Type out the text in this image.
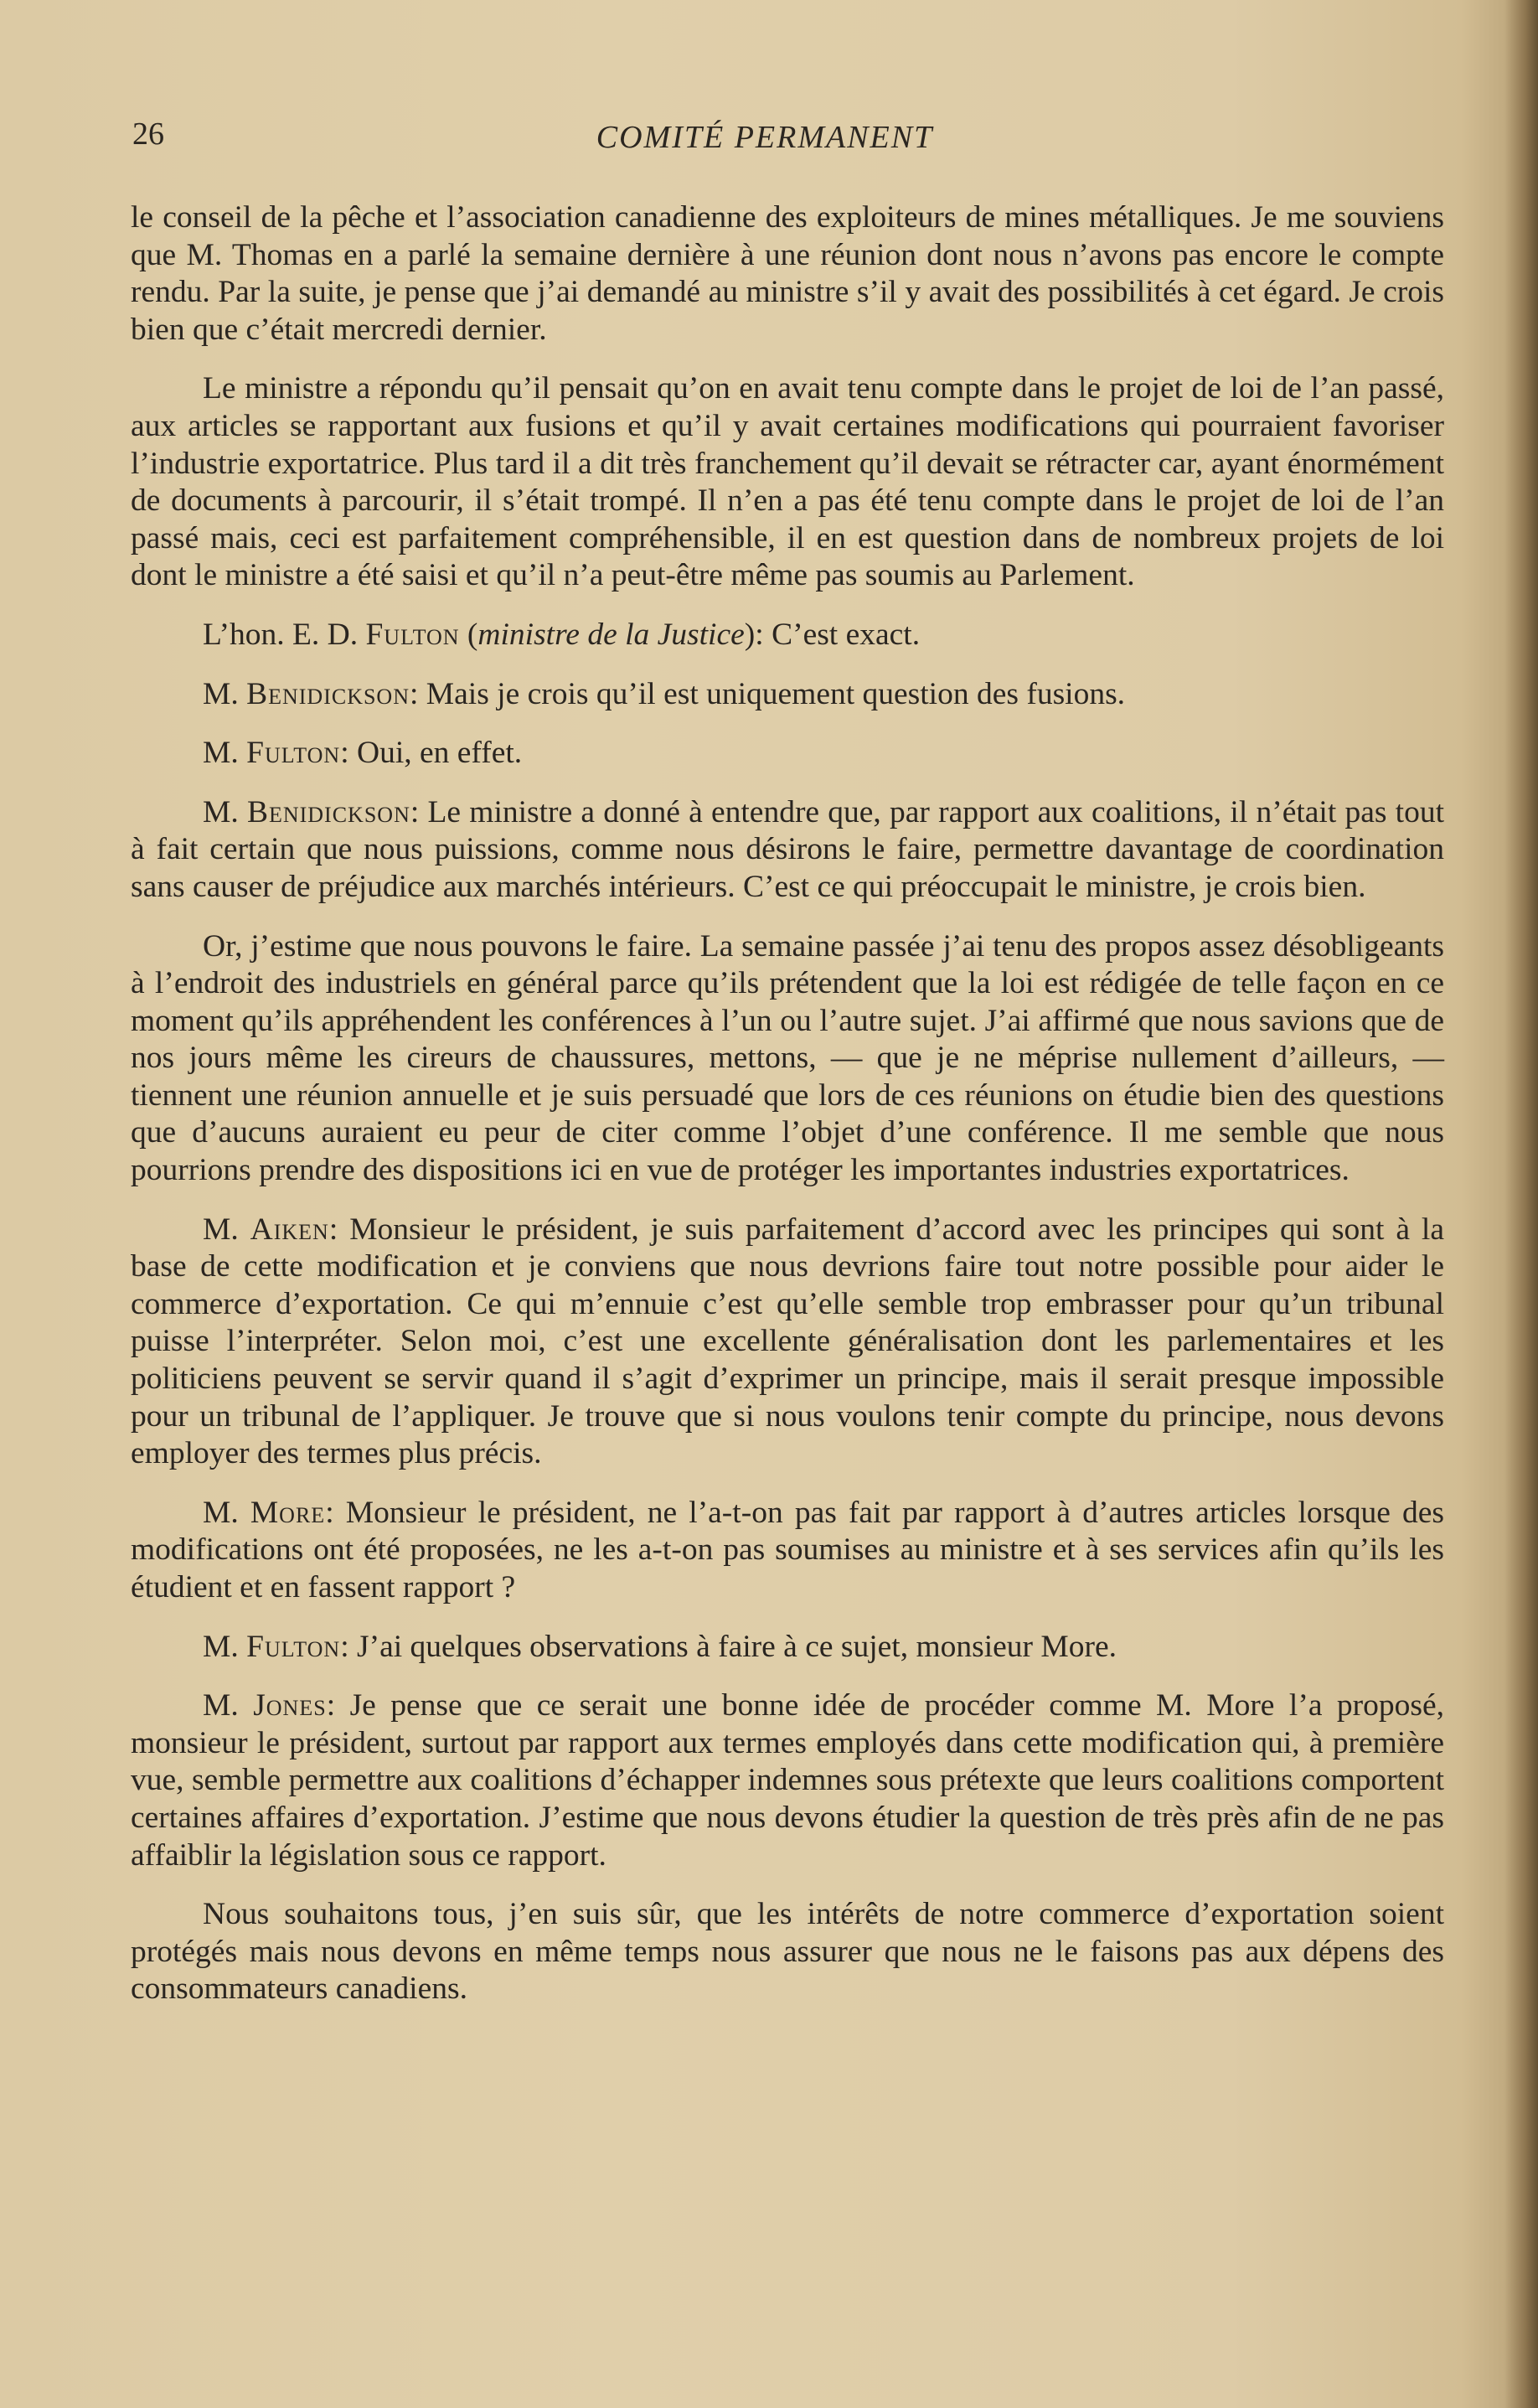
26	COMITÉ PERMANENT

le conseil de la pêche et l’association canadienne des exploiteurs de mines métalliques. Je me souviens que M. Thomas en a parlé la semaine dernière à une réunion dont nous n’avons pas encore le compte rendu. Par la suite, je pense que j’ai demandé au ministre s’il y avait des possibilités à cet égard. Je crois bien que c’était mercredi dernier.

Le ministre a répondu qu’il pensait qu’on en avait tenu compte dans le projet de loi de l’an passé, aux articles se rapportant aux fusions et qu’il y avait certaines modifications qui pourraient favoriser l’industrie exportatrice. Plus tard il a dit très franchement qu’il devait se rétracter car, ayant énormément de documents à parcourir, il s’était trompé. Il n’en a pas été tenu compte dans le projet de loi de l’an passé mais, ceci est parfaitement compréhensible, il en est question dans de nombreux projets de loi dont le ministre a été saisi et qu’il n’a peut-être même pas soumis au Parlement.

L’hon. E. D. Fulton (ministre de la Justice): C’est exact.

M. Benidickson: Mais je crois qu’il est uniquement question des fusions.

M. Fulton: Oui, en effet.

M. Benidickson: Le ministre a donné à entendre que, par rapport aux coalitions, il n’était pas tout à fait certain que nous puissions, comme nous désirons le faire, permettre davantage de coordination sans causer de préjudice aux marchés intérieurs. C’est ce qui préoccupait le ministre, je crois bien.

Or, j’estime que nous pouvons le faire. La semaine passée j’ai tenu des propos assez désobligeants à l’endroit des industriels en général parce qu’ils prétendent que la loi est rédigée de telle façon en ce moment qu’ils appréhendent les conférences à l’un ou l’autre sujet. J’ai affirmé que nous savions que de nos jours même les cireurs de chaussures, mettons, — que je ne méprise nullement d’ailleurs, — tiennent une réunion annuelle et je suis persuadé que lors de ces réunions on étudie bien des questions que d’aucuns auraient eu peur de citer comme l’objet d’une conférence. Il me semble que nous pourrions prendre des dispositions ici en vue de protéger les importantes industries exportatrices.

M. Aiken: Monsieur le président, je suis parfaitement d’accord avec les principes qui sont à la base de cette modification et je conviens que nous devrions faire tout notre possible pour aider le commerce d’exportation. Ce qui m’ennuie c’est qu’elle semble trop embrasser pour qu’un tribunal puisse l’interpréter. Selon moi, c’est une excellente généralisation dont les parlementaires et les politiciens peuvent se servir quand il s’agit d’exprimer un principe, mais il serait presque impossible pour un tribunal de l’appliquer. Je trouve que si nous voulons tenir compte du principe, nous devons employer des termes plus précis.

M. More: Monsieur le président, ne l’a-t-on pas fait par rapport à d’autres articles lorsque des modifications ont été proposées, ne les a-t-on pas soumises au ministre et à ses services afin qu’ils les étudient et en fassent rapport ?

M. Fulton: J’ai quelques observations à faire à ce sujet, monsieur More.

M. Jones: Je pense que ce serait une bonne idée de procéder comme M. More l’a proposé, monsieur le président, surtout par rapport aux termes employés dans cette modification qui, à première vue, semble permettre aux coalitions d’échapper indemnes sous prétexte que leurs coalitions comportent certaines affaires d’exportation. J’estime que nous devons étudier la question de très près afin de ne pas affaiblir la législation sous ce rapport.

Nous souhaitons tous, j’en suis sûr, que les intérêts de notre commerce d’exportation soient protégés mais nous devons en même temps nous assurer que nous ne le faisons pas aux dépens des consommateurs canadiens.
